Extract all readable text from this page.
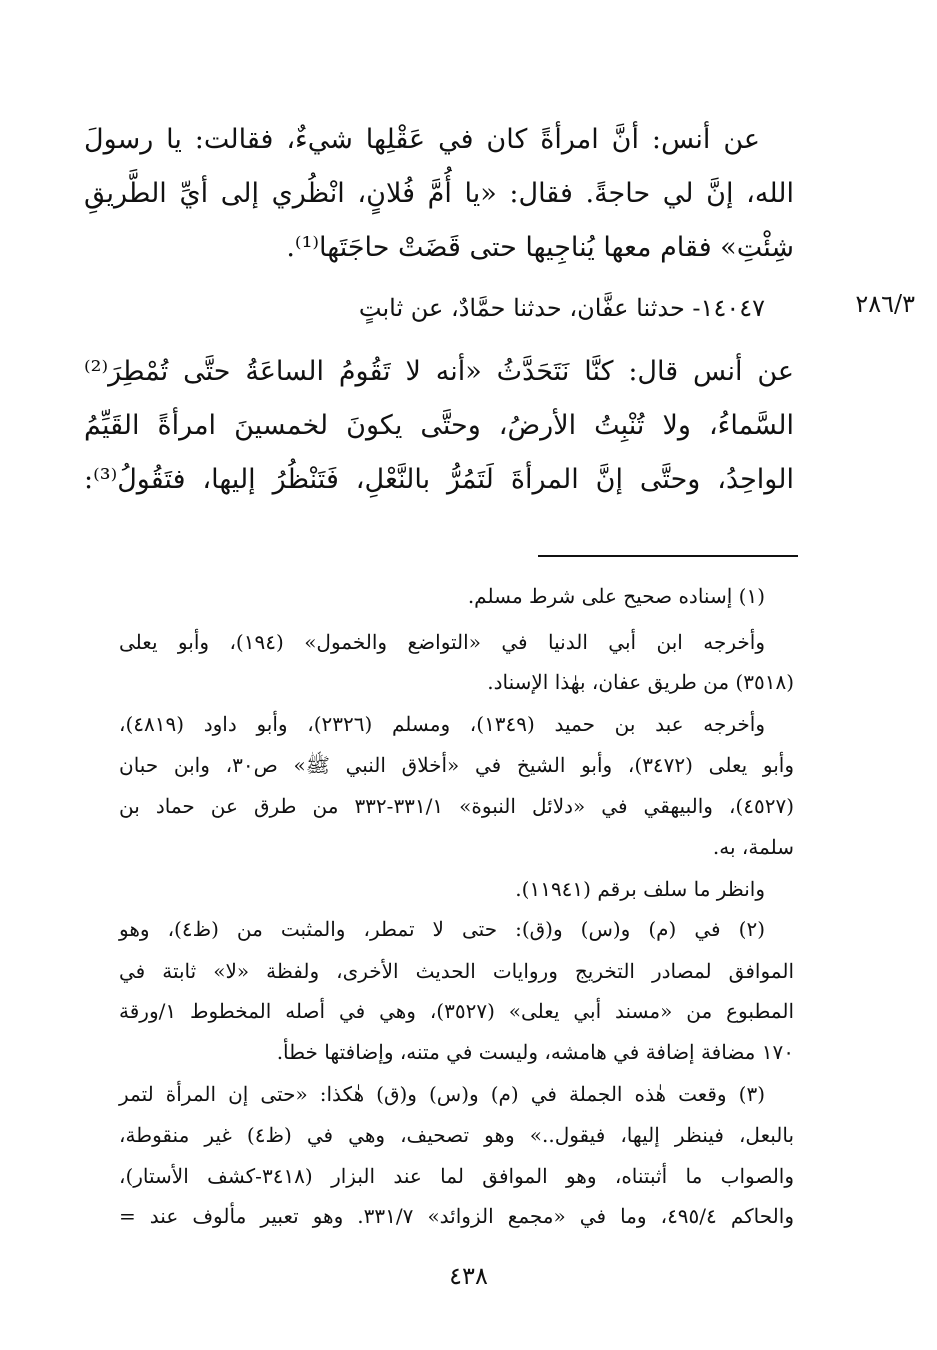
عن أنس: أنَّ امرأةً كان في عَقْلِها شيءٌ، فقالت: يا رسولَ
الله، إنَّ لي حاجةً. فقال: «يا أُمَّ فُلانٍ، انْظُري إلى أيِّ الطَّريقِ
شِئْتِ» فقام معها يُناجِيها حتى قَضَتْ حاجَتَها⁽¹⁾.
٢٨٦/٣
١٤٠٤٧- حدثنا عفَّان، حدثنا حمَّادٌ، عن ثابتٍ
عن أنس قال: كنَّا نَتَحَدَّثُ «أنه لا تَقُومُ الساعَةُ حتَّى تُمْطِرَ⁽²⁾
السَّماءُ، ولا تُنْبِتُ الأرضُ، وحتَّى يكونَ لخمسينَ امرأةً القَيِّمُ
الواحِدُ، وحتَّى إنَّ المرأةَ لَتَمُرُّ بالنَّعْلِ، فَتَنْظُرُ إليها، فتَقُولُ⁽³⁾:
(١) إسناده صحيح على شرط مسلم.
وأخرجه ابن أبي الدنيا في «التواضع والخمول» (١٩٤)، وأبو يعلى
(٣٥١٨) من طريق عفان، بهٰذا الإسناد.
وأخرجه عبد بن حميد (١٣٤٩)، ومسلم (٢٣٢٦)، وأبو داود (٤٨١٩)،
وأبو يعلى (٣٤٧٢)، وأبو الشيخ في «أخلاق النبي ﷺ» ص٣٠، وابن حبان
(٤٥٢٧)، والبيهقي في «دلائل النبوة» ٣٣١/١-٣٣٢ من طرق عن حماد بن
سلمة، به.
وانظر ما سلف برقم (١١٩٤١).
(٢) في (م) و(س) و(ق): حتى لا تمطر، والمثبت من (ظ٤)، وهو
الموافق لمصادر التخريج وروايات الحديث الأخرى، ولفظة «لا» ثابتة في
المطبوع من «مسند أبي يعلى» (٣٥٢٧)، وهي في أصله المخطوط ١/ورقة
١٧٠ مضافة إضافة في هامشه، وليست في متنه، وإضافتها خطأ.
(٣) وقعت هٰذه الجملة في (م) و(س) و(ق) هٰكذا: «حتى إن المرأة لتمر
بالبعل، فينظر إليها، فيقول..» وهو تصحيف، وهي في (ظ٤) غير منقوطة،
والصواب ما أثبتناه، وهو الموافق لما عند البزار (٣٤١٨-كشف الأستار)،
والحاكم ٤٩٥/٤، وما في «مجمع الزوائد» ٣٣١/٧. وهو تعبير مألوف عند =
٤٣٨
